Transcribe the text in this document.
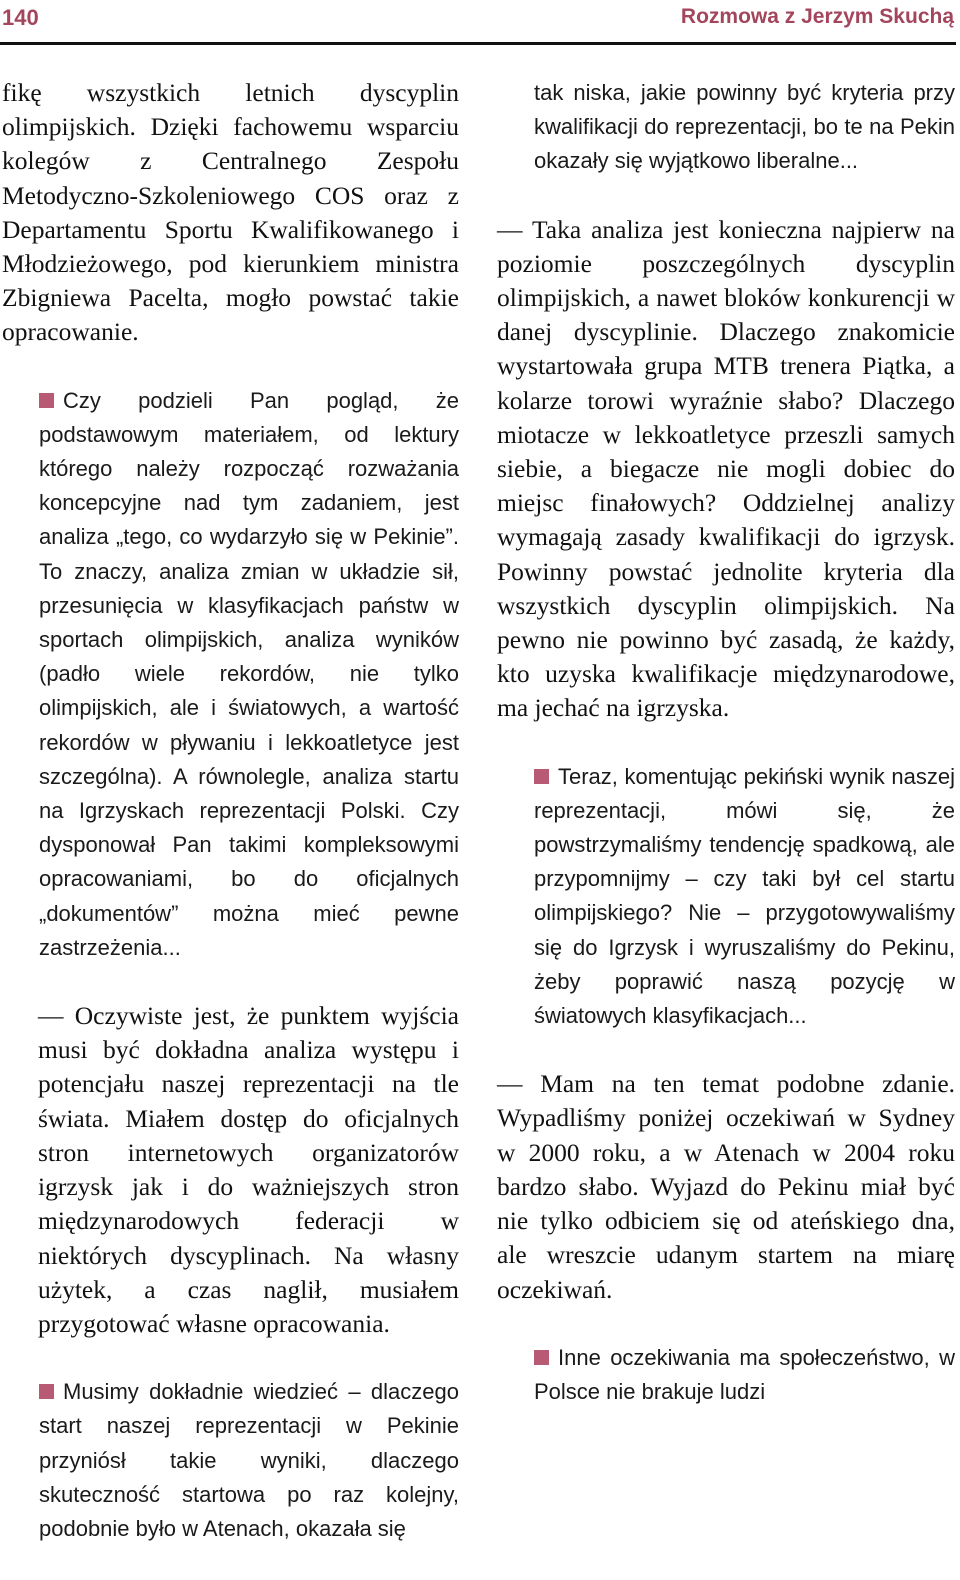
140	Rozmowa z Jerzym Skuchą

fikę wszystkich letnich dyscyplin olimpijskich. Dzięki fachowemu wsparciu kolegów z Centralnego Zespołu Metodyczno-Szkoleniowego COS oraz z Departamentu Sportu Kwalifikowanego i Młodzieżowego, pod kierunkiem ministra Zbigniewa Pacelta, mogło powstać takie opracowanie.

Czy podzieli Pan pogląd, że podstawowym materiałem, od lektury którego należy rozpocząć rozważania koncepcyjne nad tym zadaniem, jest analiza „tego, co wydarzyło się w Pekinie”. To znaczy, analiza zmian w układzie sił, przesunięcia w klasyfikacjach państw w sportach olimpijskich, analiza wyników (padło wiele rekordów, nie tylko olimpijskich, ale i światowych, a wartość rekordów w pływaniu i lekkoatletyce jest szczególna). A równolegle, analiza startu na Igrzyskach reprezentacji Polski. Czy dysponował Pan takimi kompleksowymi opracowaniami, bo do oficjalnych „dokumentów” można mieć pewne zastrzeżenia...

— Oczywiste jest, że punktem wyjścia musi być dokładna analiza występu i potencjału naszej reprezentacji na tle świata. Miałem dostęp do oficjalnych stron internetowych organizatorów igrzysk jak i do ważniejszych stron międzynarodowych federacji w niektórych dyscyplinach. Na własny użytek, a czas naglił, musiałem przygotować własne opracowania.

Musimy dokładnie wiedzieć – dlaczego start naszej reprezentacji w Pekinie przyniósł takie wyniki, dlaczego skuteczność startowa po raz kolejny, podobnie było w Atenach, okazała się

tak niska, jakie powinny być kryteria przy kwalifikacji do reprezentacji, bo te na Pekin okazały się wyjątkowo liberalne...

— Taka analiza jest konieczna najpierw na poziomie poszczególnych dyscyplin olimpijskich, a nawet bloków konkurencji w danej dyscyplinie. Dlaczego znakomicie wystartowała grupa MTB trenera Piątka, a kolarze torowi wyraźnie słabo? Dlaczego miotacze w lekkoatletyce przeszli samych siebie, a biegacze nie mogli dobiec do miejsc finałowych? Oddzielnej analizy wymagają zasady kwalifikacji do igrzysk. Powinny powstać jednolite kryteria dla wszystkich dyscyplin olimpijskich. Na pewno nie powinno być zasadą, że każdy, kto uzyska kwalifikacje międzynarodowe, ma jechać na igrzyska.

Teraz, komentując pekiński wynik naszej reprezentacji, mówi się, że powstrzymaliśmy tendencję spadkową, ale przypomnijmy – czy taki był cel startu olimpijskiego? Nie – przygotowywaliśmy się do Igrzysk i wyruszaliśmy do Pekinu, żeby poprawić naszą pozycję w światowych klasyfikacjach...

— Mam na ten temat podobne zdanie. Wypadliśmy poniżej oczekiwań w Sydney w 2000 roku, a w Atenach w 2004 roku bardzo słabo. Wyjazd do Pekinu miał być nie tylko odbiciem się od ateńskiego dna, ale wreszcie udanym startem na miarę oczekiwań.

Inne oczekiwania ma społeczeństwo, w Polsce nie brakuje ludzi
